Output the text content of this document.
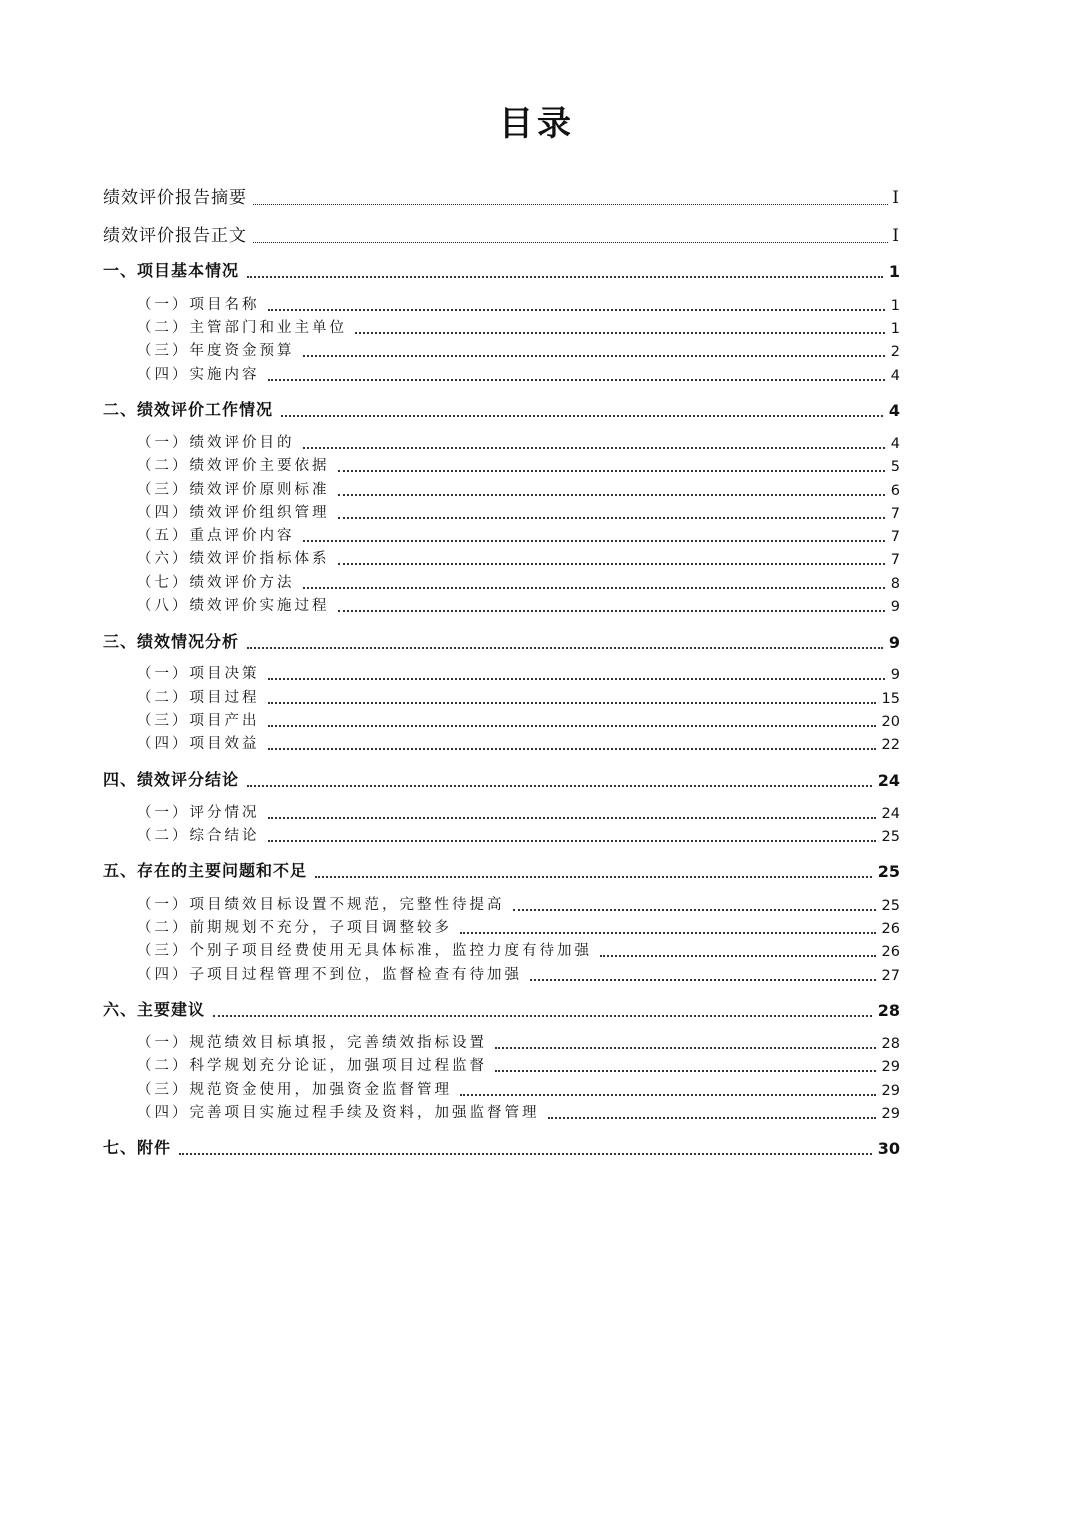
目录
绩效评价报告摘要	I
绩效评价报告正文	I
一、项目基本情况	1
（一）项目名称	1
（二）主管部门和业主单位	1
（三）年度资金预算	2
（四）实施内容	4
二、绩效评价工作情况	4
（一）绩效评价目的	4
（二）绩效评价主要依据	5
（三）绩效评价原则标准	6
（四）绩效评价组织管理	7
（五）重点评价内容	7
（六）绩效评价指标体系	7
（七）绩效评价方法	8
（八）绩效评价实施过程	9
三、绩效情况分析	9
（一）项目决策	9
（二）项目过程	15
（三）项目产出	20
（四）项目效益	22
四、绩效评分结论	24
（一）评分情况	24
（二）综合结论	25
五、存在的主要问题和不足	25
（一）项目绩效目标设置不规范，完整性待提高	25
（二）前期规划不充分，子项目调整较多	26
（三）个别子项目经费使用无具体标准，监控力度有待加强	26
（四）子项目过程管理不到位，监督检查有待加强	27
六、主要建议	28
（一）规范绩效目标填报，完善绩效指标设置	28
（二）科学规划充分论证，加强项目过程监督	29
（三）规范资金使用，加强资金监督管理	29
（四）完善项目实施过程手续及资料，加强监督管理	29
七、附件	30
